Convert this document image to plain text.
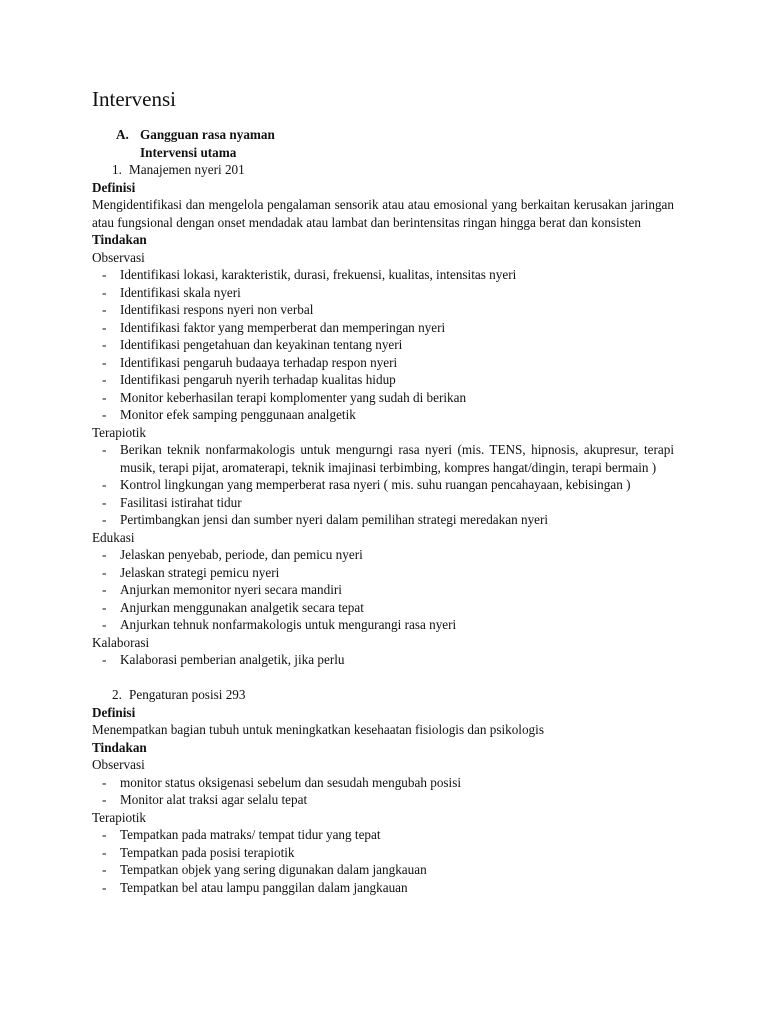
Intervensi
A. Gangguan rasa nyaman
Intervensi utama
1. Manajemen nyeri 201
Definisi
Mengidentifikasi dan mengelola pengalaman sensorik atau atau emosional yang berkaitan kerusakan jaringan atau fungsional dengan onset mendadak atau lambat dan berintensitas ringan hingga berat dan konsisten
Tindakan
Observasi
- Identifikasi lokasi, karakteristik, durasi, frekuensi, kualitas, intensitas nyeri
- Identifikasi skala nyeri
- Identifikasi respons nyeri non verbal
- Identifikasi faktor yang memperberat dan memperingan nyeri
- Identifikasi pengetahuan dan keyakinan tentang nyeri
- Identifikasi pengaruh budaaya terhadap respon nyeri
- Identifikasi pengaruh nyerih terhadap kualitas hidup
- Monitor keberhasilan terapi komplomenter yang sudah di berikan
- Monitor efek samping penggunaan analgetik
Terapiotik
- Berikan teknik nonfarmakologis untuk mengurngi rasa nyeri (mis. TENS, hipnosis, akupresur, terapi musik, terapi pijat, aromaterapi, teknik imajinasi terbimbing, kompres hangat/dingin, terapi bermain )
- Kontrol lingkungan yang memperberat rasa nyeri ( mis. suhu ruangan pencahayaan, kebisingan )
- Fasilitasi istirahat tidur
- Pertimbangkan jensi dan sumber nyeri dalam pemilihan strategi meredakan nyeri
Edukasi
- Jelaskan penyebab, periode, dan pemicu nyeri
- Jelaskan strategi pemicu nyeri
- Anjurkan memonitor nyeri secara mandiri
- Anjurkan menggunakan analgetik secara tepat
- Anjurkan tehnuk nonfarmakologis untuk mengurangi rasa nyeri
Kalaborasi
- Kalaborasi pemberian analgetik, jika perlu
2. Pengaturan posisi 293
Definisi
Menempatkan bagian tubuh untuk meningkatkan kesehaatan fisiologis dan psikologis
Tindakan
Observasi
- monitor status oksigenasi sebelum dan sesudah mengubah posisi
- Monitor alat traksi agar selalu tepat
Terapiotik
- Tempatkan pada matraks/ tempat tidur yang tepat
- Tempatkan pada posisi terapiotik
- Tempatkan objek yang sering digunakan dalam jangkauan
- Tempatkan bel atau lampu panggilan dalam jangkauan
